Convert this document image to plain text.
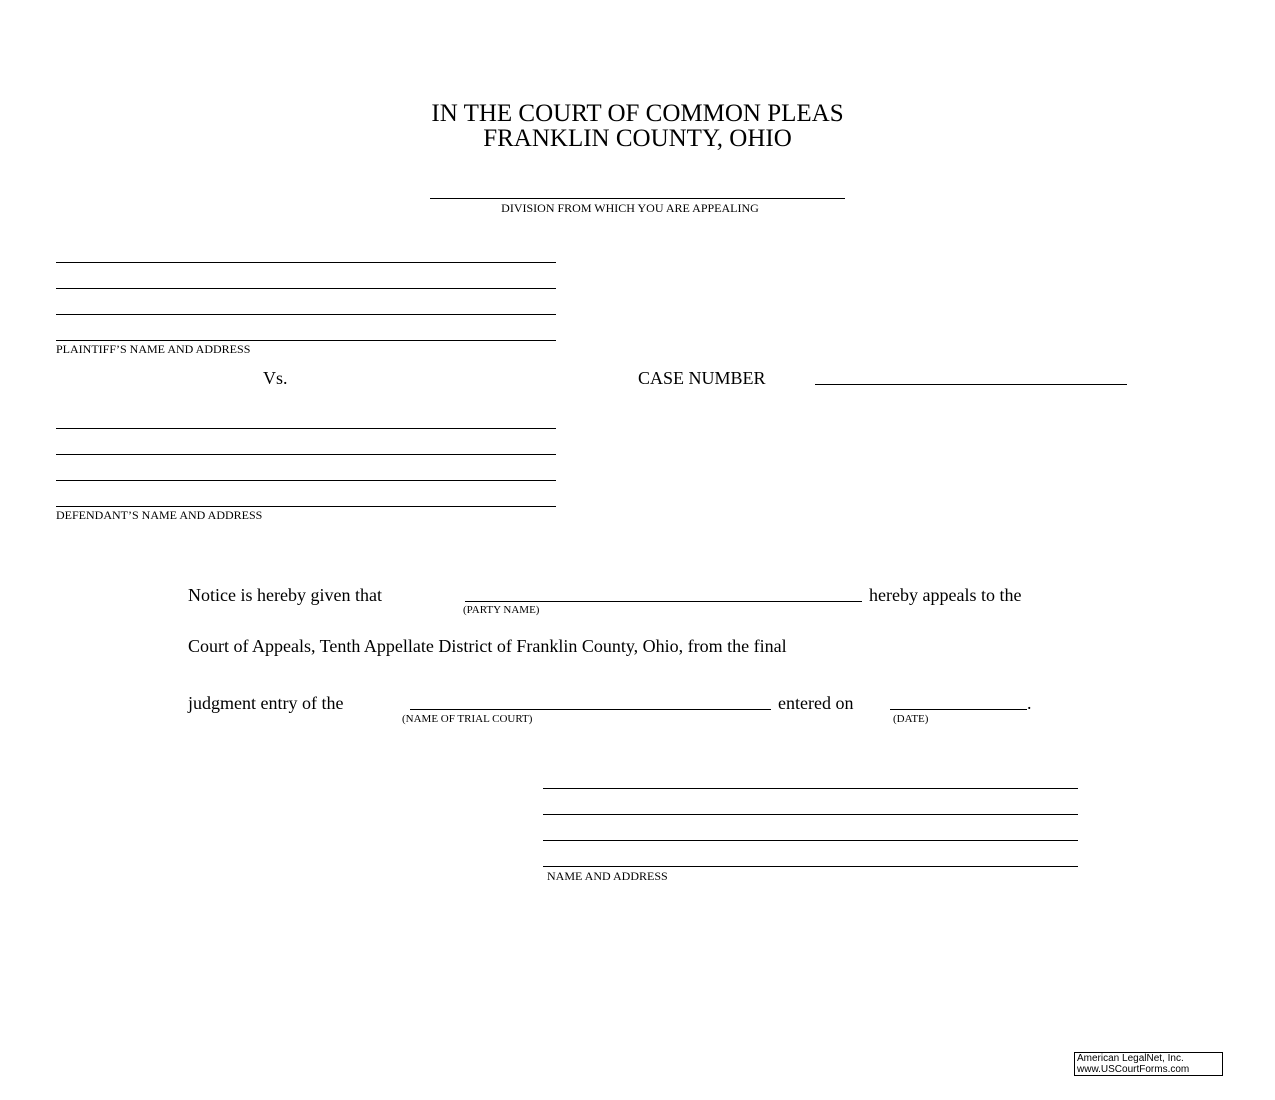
IN THE COURT OF COMMON PLEAS
FRANKLIN COUNTY, OHIO
DIVISION FROM WHICH YOU ARE APPEALING
PLAINTIFF’S NAME AND ADDRESS
Vs.	CASE NUMBER
DEFENDANT’S NAME AND ADDRESS
Notice is hereby given that	hereby appeals to the
(PARTY NAME)
Court of Appeals, Tenth Appellate District of Franklin County, Ohio, from the final
judgment entry of the	entered on	.
(NAME OF TRIAL COURT)	(DATE)
NAME AND ADDRESS
American LegalNet, Inc.
www.USCourtForms.com
